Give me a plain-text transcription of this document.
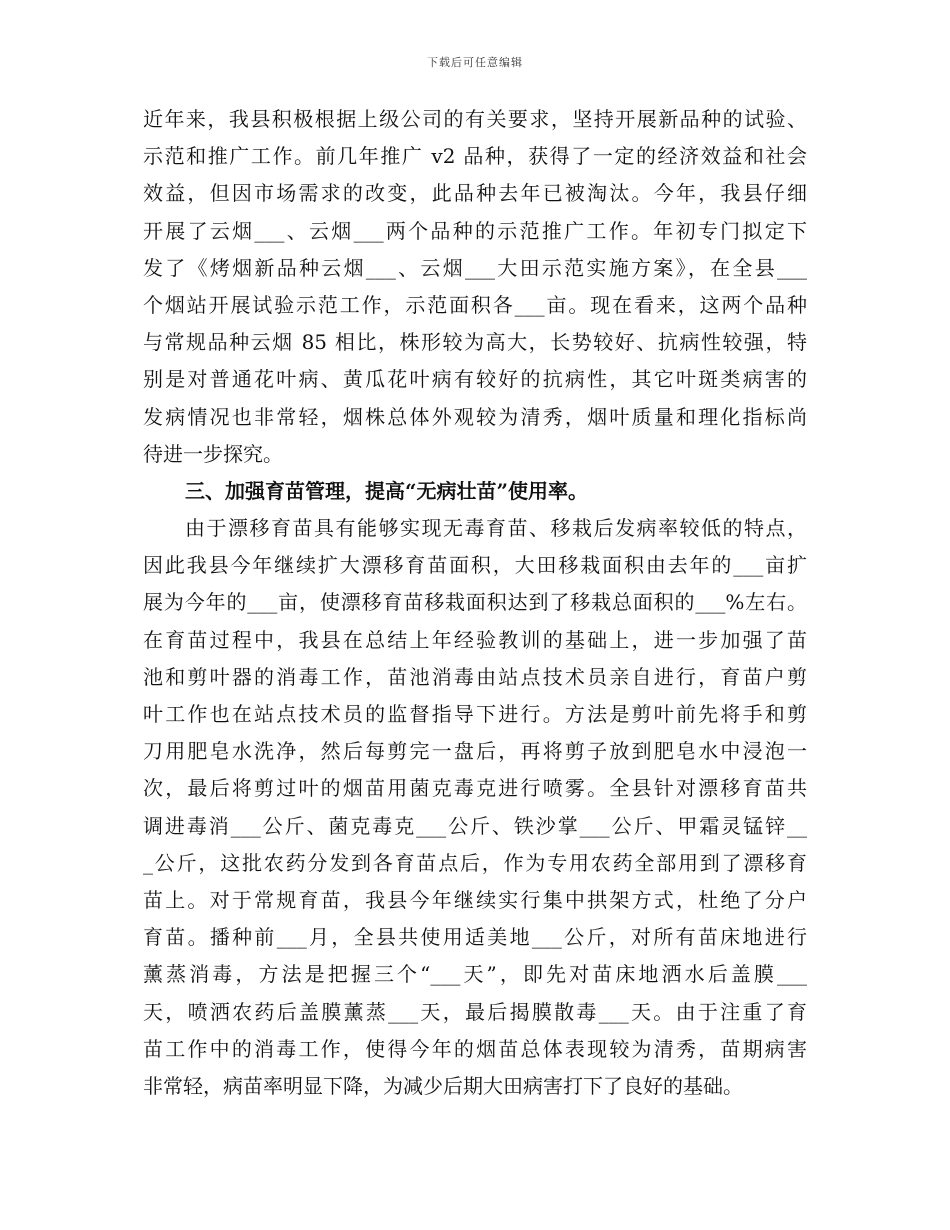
下载后可任意编辑
近年来，我县积极根据上级公司的有关要求，坚持开展新品种的试验、
示范和推广工作。前几年推广 v2 品种，获得了一定的经济效益和社会
效益，但因市场需求的改变，此品种去年已被淘汰。今年，我县仔细
开展了云烟___、云烟___两个品种的示范推广工作。年初专门拟定下
发了《烤烟新品种云烟___、云烟___大田示范实施方案》，在全县___
个烟站开展试验示范工作，示范面积各___亩。现在看来，这两个品种
与常规品种云烟 85 相比，株形较为高大，长势较好、抗病性较强，特
别是对普通花叶病、黄瓜花叶病有较好的抗病性，其它叶斑类病害的
发病情况也非常轻，烟株总体外观较为清秀，烟叶质量和理化指标尚
待进一步探究。
三、加强育苗管理，提高“无病壮苗”使用率。
由于漂移育苗具有能够实现无毒育苗、移栽后发病率较低的特点，
因此我县今年继续扩大漂移育苗面积，大田移栽面积由去年的___亩扩
展为今年的___亩，使漂移育苗移栽面积达到了移栽总面积的___%左右。
在育苗过程中，我县在总结上年经验教训的基础上，进一步加强了苗
池和剪叶器的消毒工作，苗池消毒由站点技术员亲自进行，育苗户剪
叶工作也在站点技术员的监督指导下进行。方法是剪叶前先将手和剪
刀用肥皂水洗净，然后每剪完一盘后，再将剪子放到肥皂水中浸泡一
次，最后将剪过叶的烟苗用菌克毒克进行喷雾。全县针对漂移育苗共
调进毒消___公斤、菌克毒克___公斤、铁沙掌___公斤、甲霜灵锰锌__
_公斤，这批农药分发到各育苗点后，作为专用农药全部用到了漂移育
苗上。对于常规育苗，我县今年继续实行集中拱架方式，杜绝了分户
育苗。播种前___月，全县共使用适美地___公斤，对所有苗床地进行
薰蒸消毒，方法是把握三个“___天”，即先对苗床地洒水后盖膜___
天，喷洒农药后盖膜薰蒸___天，最后揭膜散毒___天。由于注重了育
苗工作中的消毒工作，使得今年的烟苗总体表现较为清秀，苗期病害
非常轻，病苗率明显下降，为减少后期大田病害打下了良好的基础。
